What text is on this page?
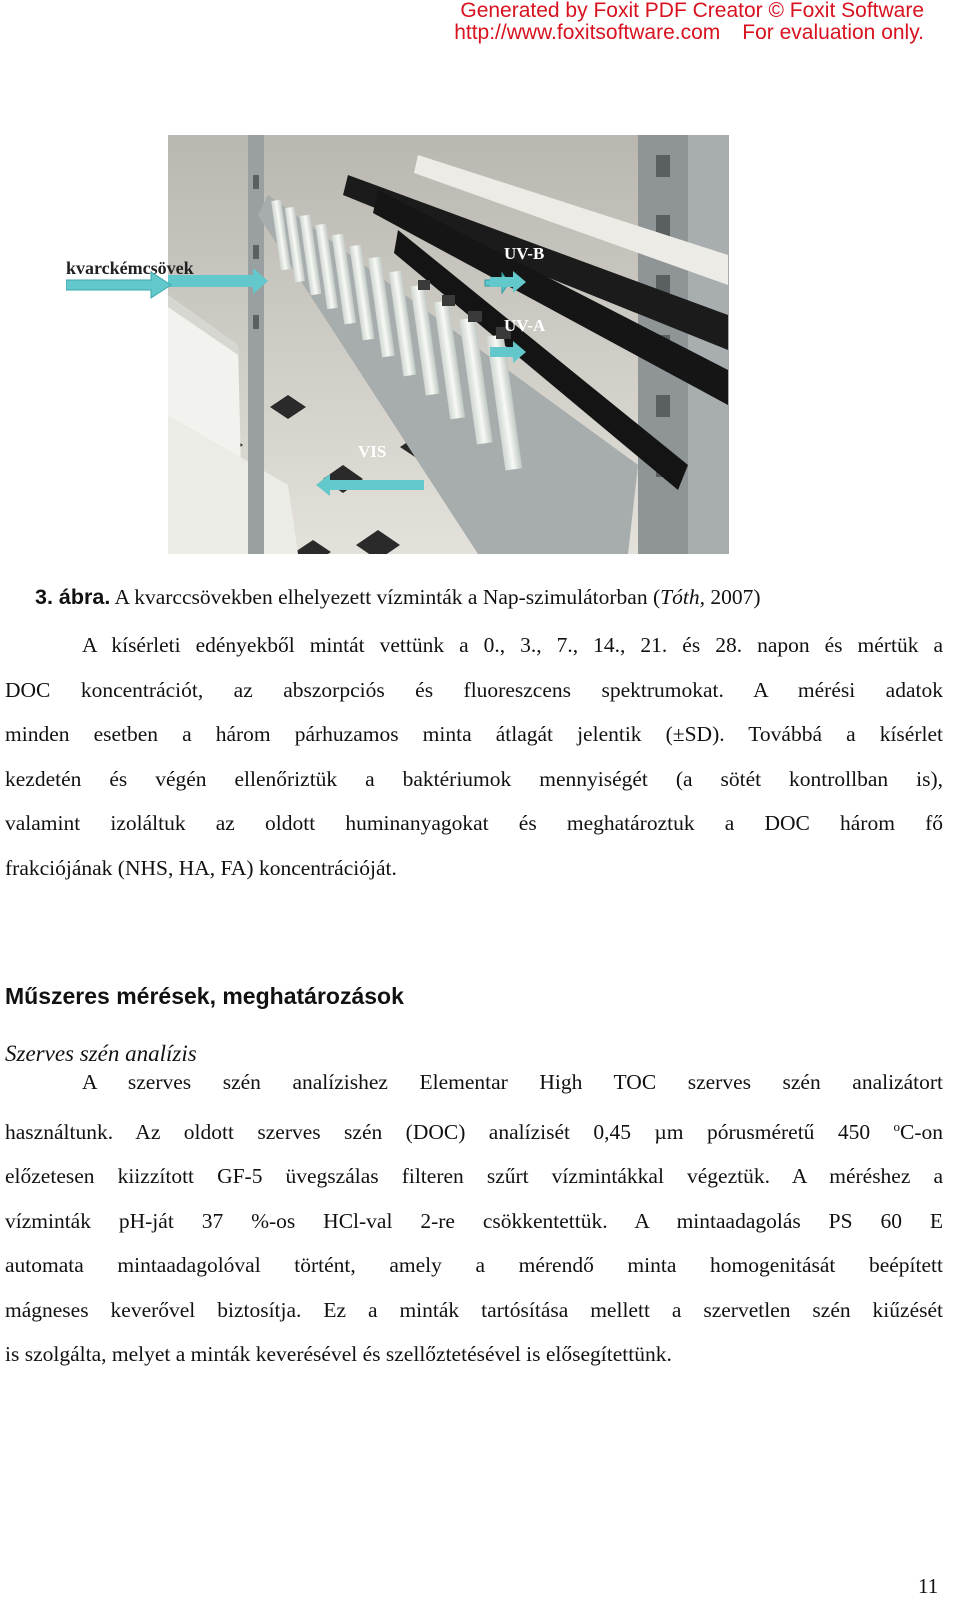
Generated by Foxit PDF Creator © Foxit Software
http://www.foxitsoftware.com For evaluation only.
UV-B
UV-A
VIS
kvarckémcsövek
3. ábra. A kvarccsövekben elhelyezett vízminták a Nap-szimulátorban (Tóth, 2007)
A kísérleti edényekből mintát vettünk a 0., 3., 7., 14., 21. és 28. napon és mértük a
DOC koncentrációt, az abszorpciós és fluoreszcens spektrumokat. A mérési adatok
minden esetben a három párhuzamos minta átlagát jelentik (±SD). Továbbá a kísérlet
kezdetén és végén ellenőriztük a baktériumok mennyiségét (a sötét kontrollban is),
valamint izoláltuk az oldott huminanyagokat és meghatároztuk a DOC három fő
frakciójának (NHS, HA, FA) koncentrációját.
Műszeres mérések, meghatározások
Szerves szén analízis
A szerves szén analízishez Elementar High TOC szerves szén analizátort
használtunk. Az oldott szerves szén (DOC) analízisét 0,45 µm pórusméretű 450 $^o$C-on
előzetesen kiizzított GF-5 üvegszálas filteren szűrt vízmintákkal végeztük. A méréshez a
vízminták pH-ját 37 %-os HCl-val 2-re csökkentettük. A mintaadagolás PS 60 E
automata mintaadagolóval történt, amely a mérendő minta homogenitását beépített
mágneses keverővel biztosítja. Ez a minták tartósítása mellett a szervetlen szén kiűzését
is szolgálta, melyet a minták keverésével és szellőztetésével is elősegítettünk.
11
